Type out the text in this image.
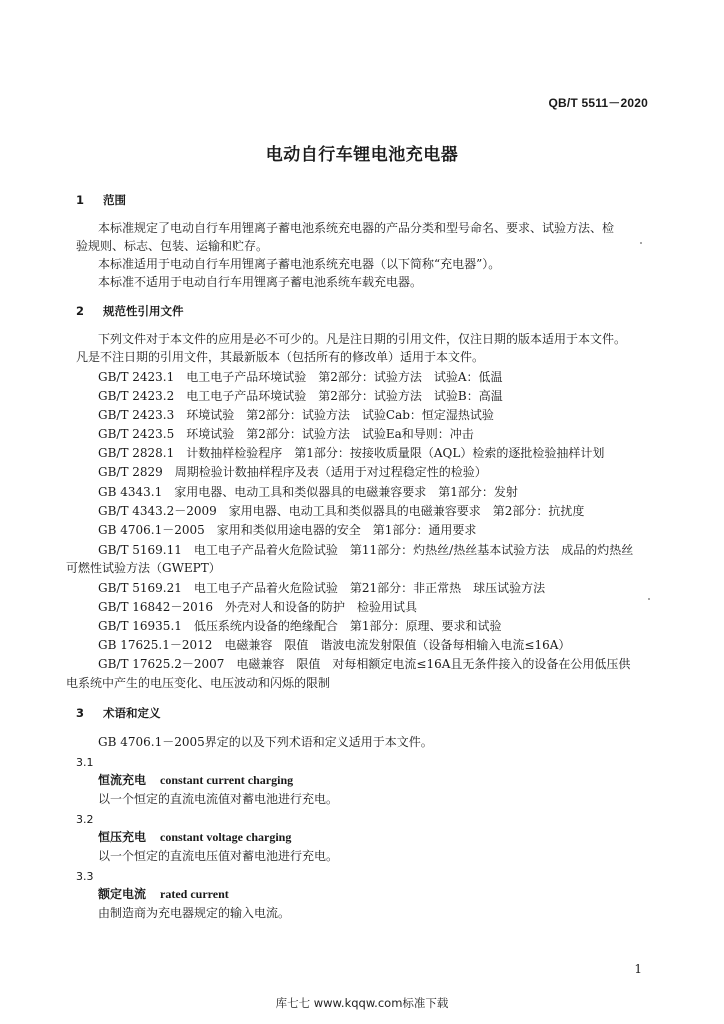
QB/T 5511－2020
电动自行车锂电池充电器
1 范围
本标准规定了电动自行车用锂离子蓄电池系统充电器的产品分类和型号命名、要求、试验方法、检
验规则、标志、包装、运输和贮存。
本标准适用于电动自行车用锂离子蓄电池系统充电器（以下简称“充电器”）。
本标准不适用于电动自行车用锂离子蓄电池系统车载充电器。
2 规范性引用文件
下列文件对于本文件的应用是必不可少的。凡是注日期的引用文件，仅注日期的版本适用于本文件。
凡是不注日期的引用文件，其最新版本（包括所有的修改单）适用于本文件。
GB/T 2423.1　电工电子产品环境试验　第2部分：试验方法　试验A：低温
GB/T 2423.2　电工电子产品环境试验　第2部分：试验方法　试验B：高温
GB/T 2423.3　环境试验　第2部分：试验方法　试验Cab：恒定湿热试验
GB/T 2423.5　环境试验　第2部分：试验方法　试验Ea和导则：冲击
GB/T 2828.1　计数抽样检验程序　第1部分：按接收质量限（AQL）检索的逐批检验抽样计划
GB/T 2829　周期检验计数抽样程序及表（适用于对过程稳定性的检验）
GB 4343.1　家用电器、电动工具和类似器具的电磁兼容要求　第1部分：发射
GB/T 4343.2－2009　家用电器、电动工具和类似器具的电磁兼容要求　第2部分：抗扰度
GB 4706.1－2005　家用和类似用途电器的安全　第1部分：通用要求
GB/T 5169.11　电工电子产品着火危险试验　第11部分：灼热丝/热丝基本试验方法　成品的灼热丝
可燃性试验方法（GWEPT）
GB/T 5169.21　电工电子产品着火危险试验　第21部分：非正常热　球压试验方法
GB/T 16842－2016　外壳对人和设备的防护　检验用试具
GB/T 16935.1　低压系统内设备的绝缘配合　第1部分：原理、要求和试验
GB 17625.1－2012　电磁兼容　限值　谐波电流发射限值（设备每相输入电流≤16A）
GB/T 17625.2－2007　电磁兼容　限值　对每相额定电流≤16A且无条件接入的设备在公用低压供
电系统中产生的电压变化、电压波动和闪烁的限制
3 术语和定义
GB 4706.1－2005界定的以及下列术语和定义适用于本文件。
3.1
恒流充电 constant current charging
以一个恒定的直流电流值对蓄电池进行充电。
3.2
恒压充电 constant voltage charging
以一个恒定的直流电压值对蓄电池进行充电。
3.3
额定电流 rated current
由制造商为充电器规定的输入电流。
1
库七七 www.kqqw.com标准下载
